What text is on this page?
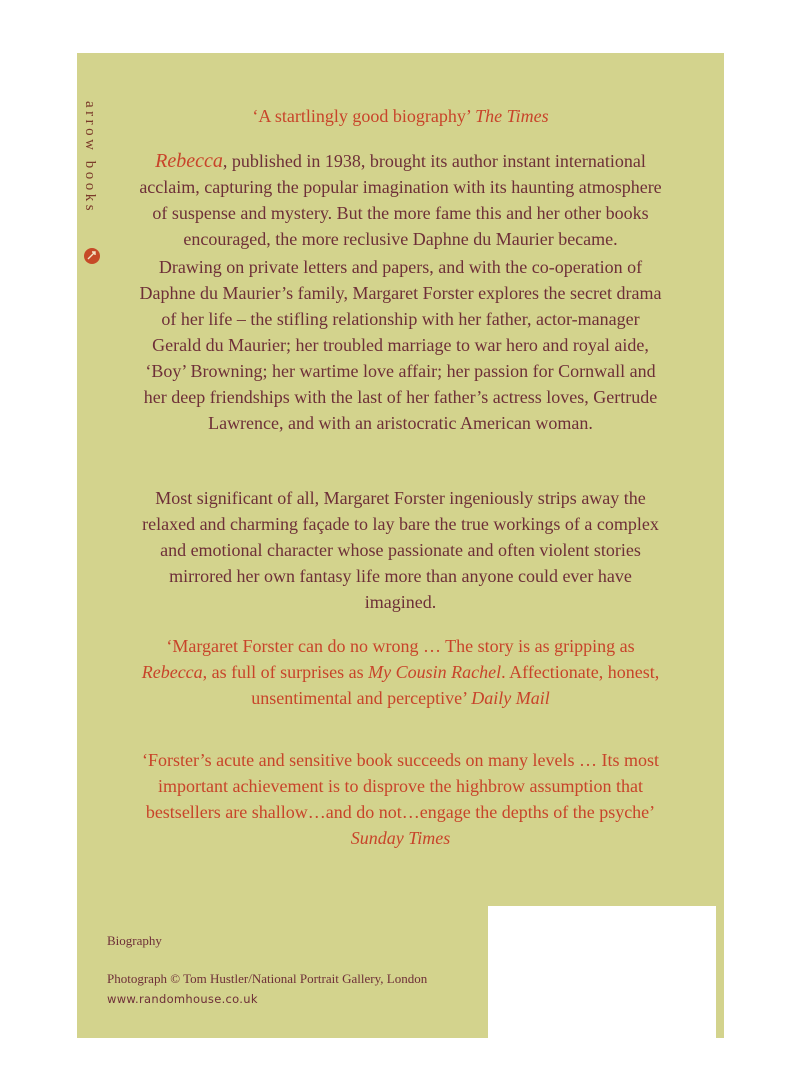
arrow books	‘A startlingly good biography’ The Times
Rebecca, published in 1938, brought its author instant international
acclaim, capturing the popular imagination with its haunting atmosphere
of suspense and mystery. But the more fame this and her other books
encouraged, the more reclusive Daphne du Maurier became.
Drawing on private letters and papers, and with the co-operation of
Daphne du Maurier’s family, Margaret Forster explores the secret drama
of her life – the stifling relationship with her father, actor-manager
Gerald du Maurier; her troubled marriage to war hero and royal aide,
‘Boy’ Browning; her wartime love affair; her passion for Cornwall and
her deep friendships with the last of her father’s actress loves, Gertrude
Lawrence, and with an aristocratic American woman.
Most significant of all, Margaret Forster ingeniously strips away the
relaxed and charming façade to lay bare the true workings of a complex
and emotional character whose passionate and often violent stories
mirrored her own fantasy life more than anyone could ever have
imagined.
‘Margaret Forster can do no wrong … The story is as gripping as
Rebecca, as full of surprises as My Cousin Rachel. Affectionate, honest,
unsentimental and perceptive’ Daily Mail
‘Forster’s acute and sensitive book succeeds on many levels … Its most
important achievement is to disprove the highbrow assumption that
bestsellers are shallow…and do not…engage the depths of the psyche’
Sunday Times
Biography
Photograph © Tom Hustler/National Portrait Gallery, London
www.randomhouse.co.uk
